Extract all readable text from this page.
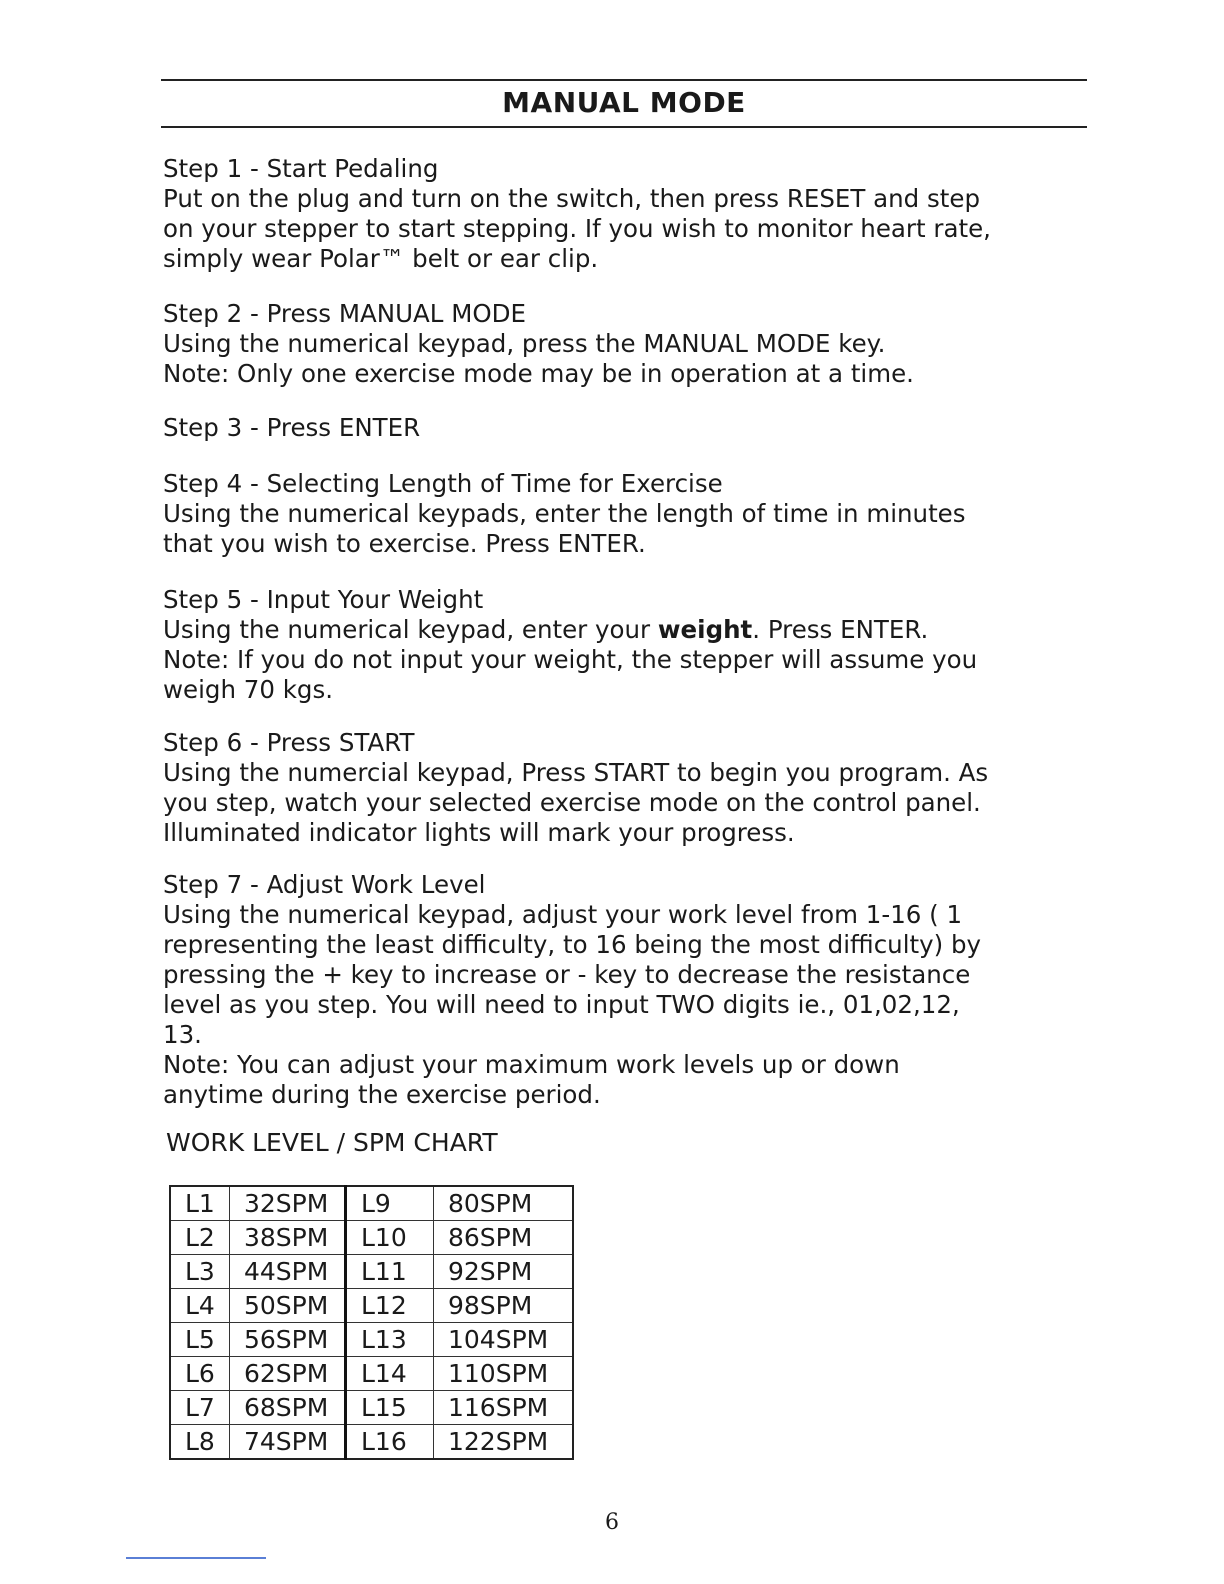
MANUAL MODE

Step 1 - Start Pedaling

Put on the plug and turn on the switch, then press RESET and step

on your stepper to start stepping. If you wish to monitor heart rate,

simply wear Polar™ belt or ear clip.

Step 2 - Press MANUAL MODE

Using the numerical keypad, press the MANUAL MODE key.

Note: Only one exercise mode may be in operation at a time.

Step 3 - Press ENTER

Step 4 - Selecting Length of Time for Exercise

Using the numerical keypads, enter the length of time in minutes

that you wish to exercise. Press ENTER.

Step 5 - Input Your Weight

Using the numerical keypad, enter your weight. Press ENTER.

Note: If you do not input your weight, the stepper will assume you

weigh 70 kgs.

Step 6 - Press START

Using the numercial keypad, Press START to begin you program. As

you step, watch your selected exercise mode on the control panel.

Illuminated indicator lights will mark your progress.

Step 7 - Adjust Work Level

Using the numerical keypad, adjust your work level from 1-16 ( 1

representing the least difficulty, to 16 being the most difficulty) by

pressing the + key to increase or - key to decrease the resistance

level as you step. You will need to input TWO digits ie., 01,02,12,

13.

Note: You can adjust your maximum work levels up or down

anytime during the exercise period.

WORK LEVEL / SPM CHART
L1	32SPM	L9	80SPM
L2	38SPM	L10	86SPM
L3	44SPM	L11	92SPM
L4	50SPM	L12	98SPM
L5	56SPM	L13	104SPM
L6	62SPM	L14	110SPM
L7	68SPM	L15	116SPM
L8	74SPM	L16	122SPM
6
